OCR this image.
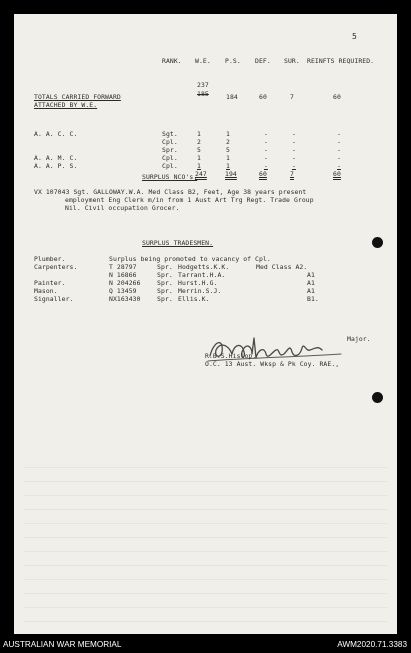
5
RANK. W.E. P.S. DEF. SUR. REINFTS REQUIRED.
237
TOTALS CARRIED FORWARD	185	184	60	7	60
ATTACHED BY W.E.
A. A. C. C.	Sgt.	1	1	-	-	-
Cpl.	2	2	-	-	-
Spr.	5	5	-	-	-
A. A. M. C.	Cpl.	1	1	-	-	-
A. A. P. S.	Cpl.	1	1	-	-	-
247	194	60	7	60
SURPLUS NCO's.
VX 107043 Sgt. GALLOWAY.W.A. Med Class B2, Feet, Age 38 years present
employment Eng Clerk m/in from 1 Aust Art Trg Regt. Trade Group
Nil. Civil occupation Grocer.
SURPLUS TRADESMEN.
Plumber.	Surplus being promoted to vacancy of Cpl.
Carpenters.	T 28797	Spr. Hodgetts.K.K.	Med Class A2.
N 16866	Spr. Tarrant.H.A.	A1
Painter.	N 204266	Spr. Hurst.H.G.	A1
Mason.	Q 13459	Spr. Merrin.S.J.	A1
Signaller.	NX163430	Spr. Ellis.K.	B1.
Major.
R.B.S.Hislop.
O.C. 13 Aust. Wksp & Pk Coy. RAE.,
AUSTRALIAN WAR MEMORIAL	AWM2020.71.3383
